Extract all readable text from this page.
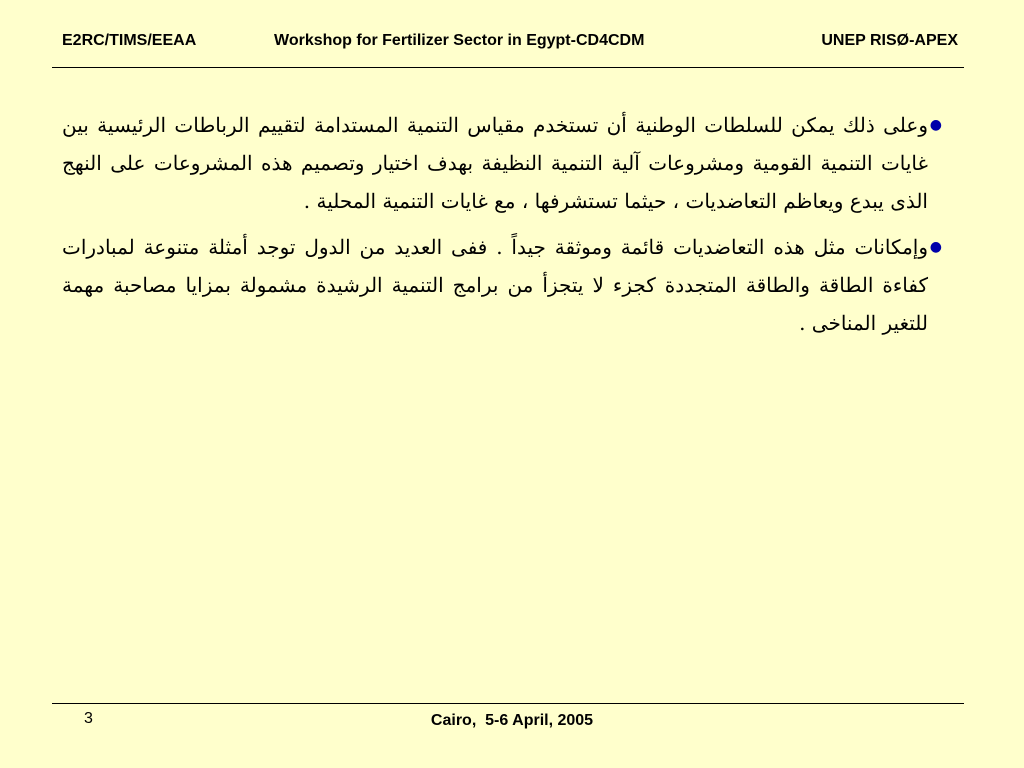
E2RC/TIMS/EEAA	Workshop for Fertilizer Sector in Egypt-CD4CDM	UNEP RISØ-APEX

●
وعلى ذلك يمكن للسلطات الوطنية أن تستخدم مقياس التنمية المستدامة لتقييم الرباطات الرئيسية بين غايات التنمية القومية ومشروعات آلية التنمية النظيفة بهدف اختيار وتصميم هذه المشروعات على النهج الذى يبدع ويعاظم التعاضديات ، حيثما تستشرفها ، مع غايات التنمية المحلية .

●
وإمكانات مثل هذه التعاضديات قائمة وموثقة جيداً . ففى العديد من الدول توجد أمثلة متنوعة لمبادرات كفاءة الطاقة والطاقة المتجددة كجزء لا يتجزأ من برامج التنمية الرشيدة مشمولة بمزايا مصاحبة مهمة للتغير المناخى .

3	Cairo,  5-6 April, 2005
